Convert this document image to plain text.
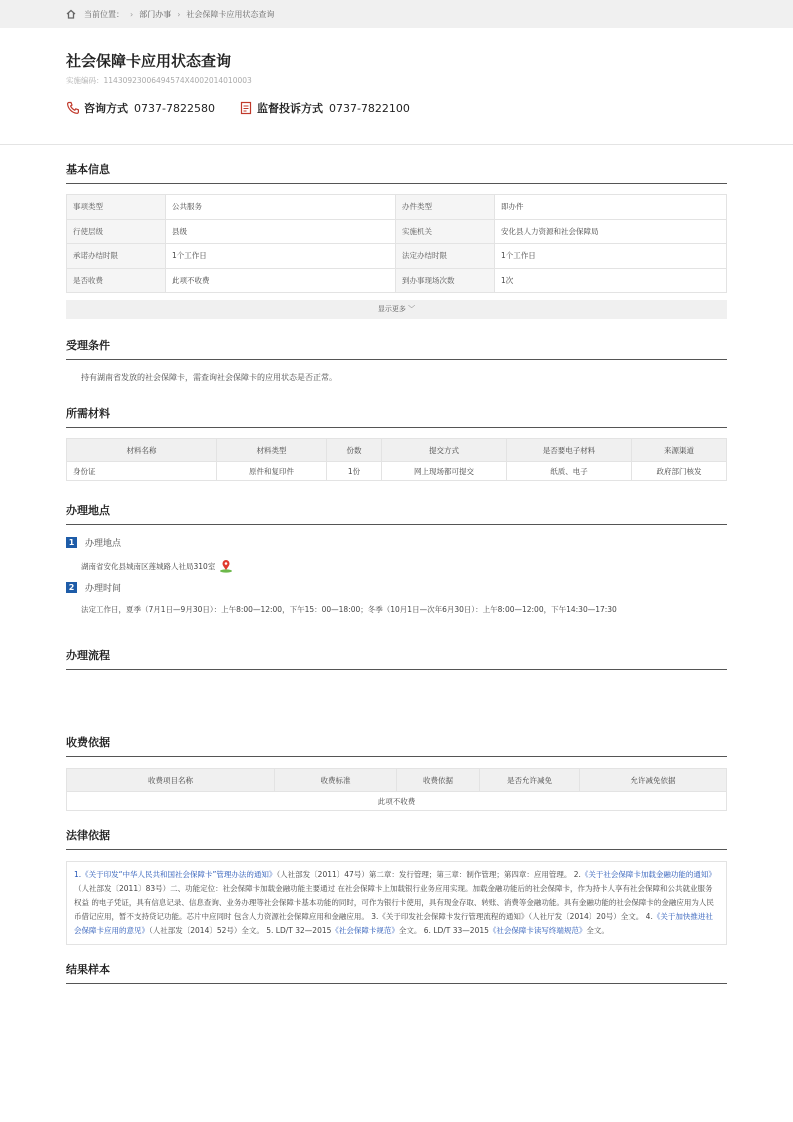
当前位置： › 部门办事 › 社会保障卡应用状态查询
社会保障卡应用状态查询
实施编码：11430923006494574X4002014010003
咨询方式 0737-7822580	监督投诉方式 0737-7822100
基本信息
事项类型	公共服务	办件类型	即办件
行使层级	县级	实施机关	安化县人力资源和社会保障局
承诺办结时限	1个工作日	法定办结时限	1个工作日
是否收费	此项不收费	到办事现场次数	1次
显示更多 ﹀
受理条件
持有湖南省发放的社会保障卡，需查询社会保障卡的应用状态是否正常。
所需材料
材料名称	材料类型	份数	提交方式	是否要电子材料	来源渠道
身份证	原件和复印件	1份	网上现场都可提交	纸质、电子	政府部门核发
办理地点
1	办理地点
湖南省安化县城南区莲城路人社局310室
2	办理时间
法定工作日，夏季（7月1日—9月30日）：上午8:00—12:00，下午15：00—18:00；冬季（10月1日—次年6月30日）：上午8:00—12:00，下午14:30—17:30
办理流程
收费依据
收费项目名称	收费标准	收费依据	是否允许减免	允许减免依据
此项不收费
法律依据
1.《关于印发“中华人民共和国社会保障卡”管理办法的通知》（人社部发〔2011〕47号）第二章：发行管理；第三章：制作管理；第四章：应用管理。 2.《关于社会保障卡加载金融功能的通知》（人社部发〔2011〕83号）二、功能定位：社会保障卡加载金融功能主要通过 在社会保障卡上加载银行业务应用实现。加载金融功能后的社会保障卡，作为持卡人享有社会保障和公共就业服务权益 的电子凭证，具有信息记录、信息查询、业务办理等社会保障卡基本功能的同时，可作为银行卡使用，具有现金存取、转账、消费等金融功能。具有金融功能的社会保障卡的金融应用为人民币借记应用，暂不支持贷记功能。芯片中应同时 包含人力资源社会保障应用和金融应用。 3.《关于印发社会保障卡发行管理流程的通知》（人社厅发〔2014〕20号）全文。 4.《关于加快推进社会保障卡应用的意见》（人社部发〔2014〕52号）全文。 5. LD/T 32—2015《社会保障卡规范》全文。 6. LD/T 33—2015《社会保障卡读写终端规范》全文。
结果样本
